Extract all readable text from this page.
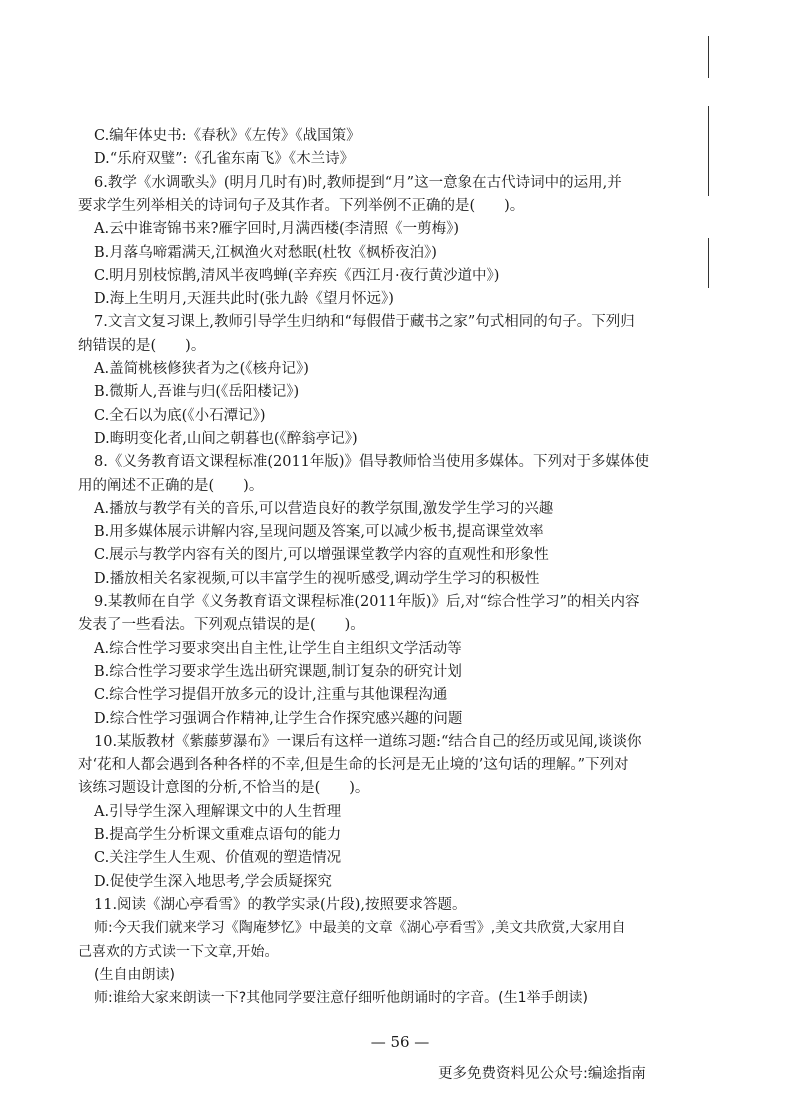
C.编年体史书:《春秋》《左传》《战国策》
D.“乐府双璧”:《孔雀东南飞》《木兰诗》
6.教学《水调歌头》(明月几时有)时,教师提到“月”这一意象在古代诗词中的运用,并
要求学生列举相关的诗词句子及其作者。下列举例不正确的是(　　)。
A.云中谁寄锦书来?雁字回时,月满西楼(李清照《一剪梅》)
B.月落乌啼霜满天,江枫渔火对愁眠(杜牧《枫桥夜泊》)
C.明月别枝惊鹊,清风半夜鸣蝉(辛弃疾《西江月·夜行黄沙道中》)
D.海上生明月,天涯共此时(张九龄《望月怀远》)
7.文言文复习课上,教师引导学生归纳和“每假借于藏书之家”句式相同的句子。下列归
纳错误的是(　　)。
A.盖简桃核修狭者为之(《核舟记》)
B.微斯人,吾谁与归(《岳阳楼记》)
C.全石以为底(《小石潭记》)
D.晦明变化者,山间之朝暮也(《醉翁亭记》)
8.《义务教育语文课程标准(2011年版)》倡导教师恰当使用多媒体。下列对于多媒体使
用的阐述不正确的是(　　)。
A.播放与教学有关的音乐,可以营造良好的教学氛围,激发学生学习的兴趣
B.用多媒体展示讲解内容,呈现问题及答案,可以减少板书,提高课堂效率
C.展示与教学内容有关的图片,可以增强课堂教学内容的直观性和形象性
D.播放相关名家视频,可以丰富学生的视听感受,调动学生学习的积极性
9.某教师在自学《义务教育语文课程标准(2011年版)》后,对“综合性学习”的相关内容
发表了一些看法。下列观点错误的是(　　)。
A.综合性学习要求突出自主性,让学生自主组织文学活动等
B.综合性学习要求学生选出研究课题,制订复杂的研究计划
C.综合性学习提倡开放多元的设计,注重与其他课程沟通
D.综合性学习强调合作精神,让学生合作探究感兴趣的问题
10.某版教材《紫藤萝瀑布》一课后有这样一道练习题:“结合自己的经历或见闻,谈谈你
对‘花和人都会遇到各种各样的不幸,但是生命的长河是无止境的’这句话的理解。”下列对
该练习题设计意图的分析,不恰当的是(　　)。
A.引导学生深入理解课文中的人生哲理
B.提高学生分析课文重难点语句的能力
C.关注学生人生观、价值观的塑造情况
D.促使学生深入地思考,学会质疑探究
11.阅读《湖心亭看雪》的教学实录(片段),按照要求答题。
师:今天我们就来学习《陶庵梦忆》中最美的文章《湖心亭看雪》,美文共欣赏,大家用自
己喜欢的方式读一下文章,开始。
(生自由朗读)
师:谁给大家来朗读一下?其他同学要注意仔细听他朗诵时的字音。(生1举手朗读)
— 56 —
更多免费资料见公众号:编途指南
